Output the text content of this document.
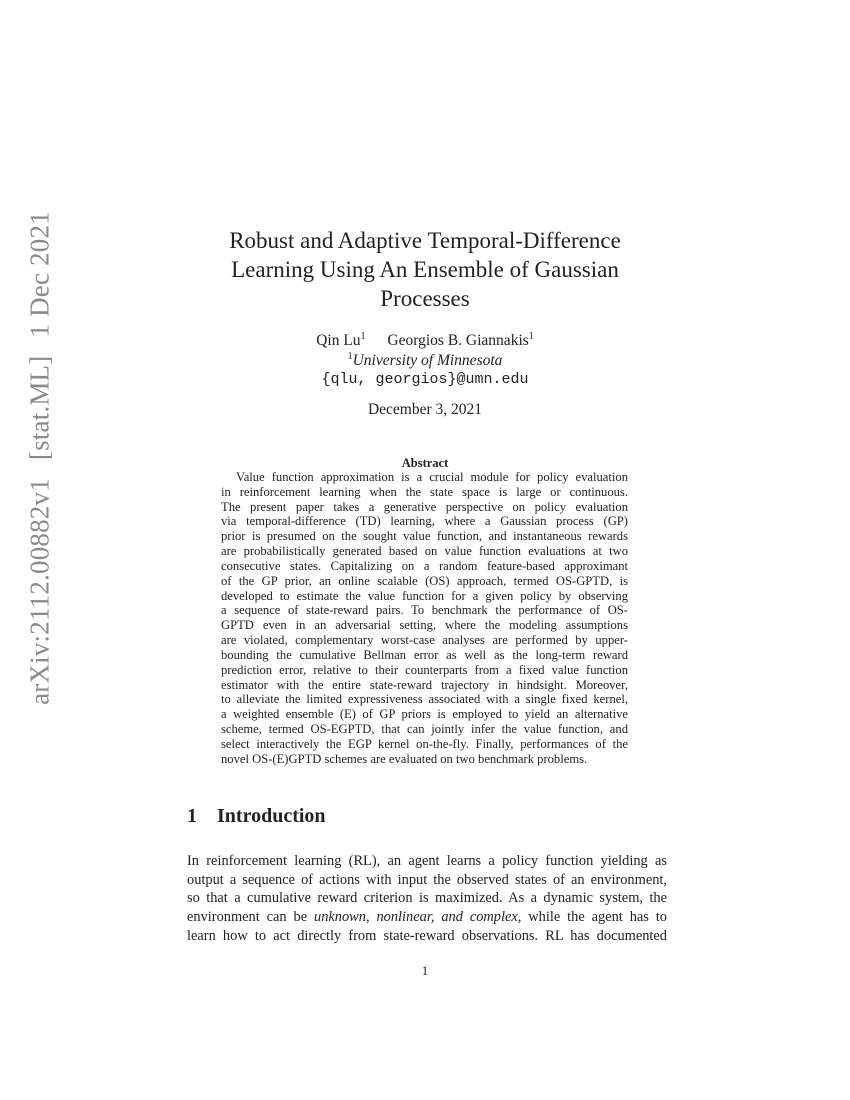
arXiv:2112.00882v1[stat.ML]1 Dec 2021	Robust and Adaptive Temporal-Difference
Learning Using An Ensemble of Gaussian
Processes
Qin Lu$^1$ Georgios B. Giannakis$^1$
$^1$University of Minnesota
{qlu, georgios}@umn.edu
December 3, 2021
Abstract
Value function approximation is a crucial module for policy evaluation
in reinforcement learning when the state space is large or continuous.
The present paper takes a generative perspective on policy evaluation
via temporal-difference (TD) learning, where a Gaussian process (GP)
prior is presumed on the sought value function, and instantaneous rewards
are probabilistically generated based on value function evaluations at two
consecutive states. Capitalizing on a random feature-based approximant
of the GP prior, an online scalable (OS) approach, termed OS-GPTD, is
developed to estimate the value function for a given policy by observing
a sequence of state-reward pairs. To benchmark the performance of OS-
GPTD even in an adversarial setting, where the modeling assumptions
are violated, complementary worst-case analyses are performed by upper-
bounding the cumulative Bellman error as well as the long-term reward
prediction error, relative to their counterparts from a fixed value function
estimator with the entire state-reward trajectory in hindsight. Moreover,
to alleviate the limited expressiveness associated with a single fixed kernel,
a weighted ensemble (E) of GP priors is employed to yield an alternative
scheme, termed OS-EGPTD, that can jointly infer the value function, and
select interactively the EGP kernel on-the-fly. Finally, performances of the
novel OS-(E)GPTD schemes are evaluated on two benchmark problems.
1 Introduction
In reinforcement learning (RL), an agent learns a policy function yielding as
output a sequence of actions with input the observed states of an environment,
so that a cumulative reward criterion is maximized. As a dynamic system, the
environment can be unknown, nonlinear, and complex, while the agent has to
learn how to act directly from state-reward observations. RL has documented
1
